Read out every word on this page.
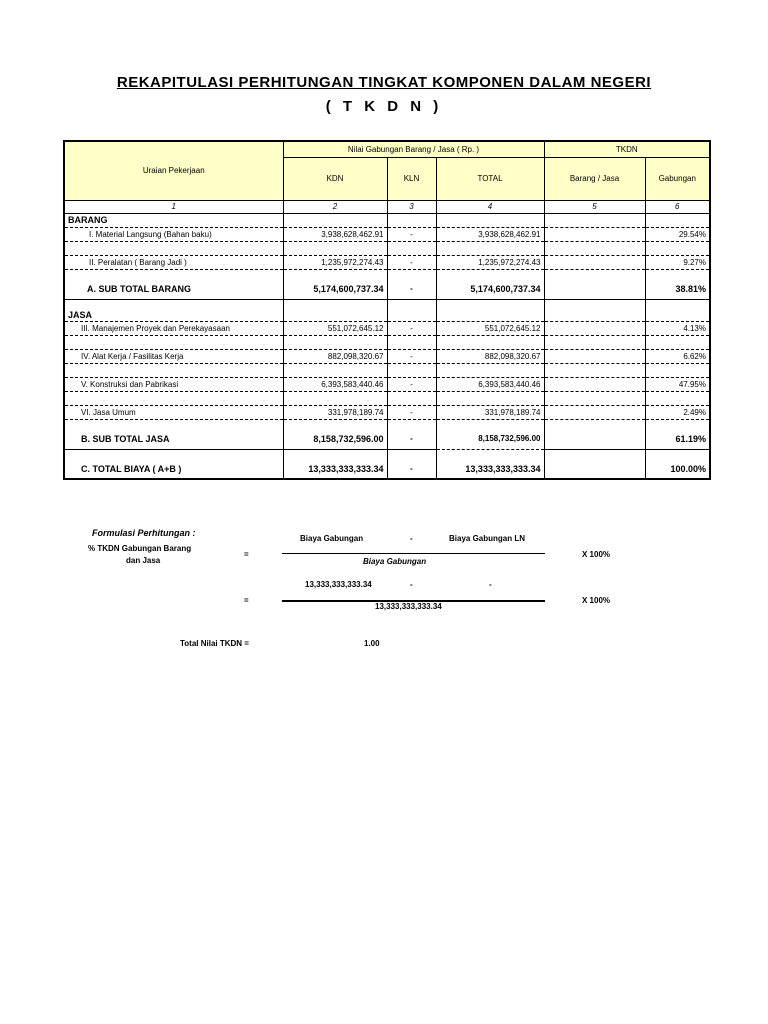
REKAPITULASI PERHITUNGAN TINGKAT KOMPONEN DALAM NEGERI
( T K D N )
Uraian Pekerjaan	Nilai Gabungan Barang / Jasa ( Rp. )			TKDN	
	KDN	KLN	TOTAL	Barang / Jasa	Gabungan
1	2	3	4	5	6
BARANG					
I. Material Langsung (Bahan baku)	3,938,628,462.91	-	3,938,628,462.91		29.54%

II. Peralatan ( Barang Jadi )	1,235,972,274.43	-	1,235,972,274.43		9.27%

A. SUB TOTAL BARANG	5,174,600,737.34	-	5,174,600,737.34		38.81%

JASA					
III. Manajemen Proyek dan Perekayasaan	551,072,645.12	-	551,072,645.12		4.13%

IV. Alat Kerja / Fasilitas Kerja	882,098,320.67	-	882,098,320.67		6.62%

V. Konstruksi dan Pabrikasi	6,393,583,440.46	-	6,393,583,440.46		47.95%

VI. Jasa Umum	331,978,189.74	-	331,978,189.74		2.49%

B. SUB TOTAL JASA	8,158,732,596.00	-	8,158,732,596.00		61.19%

C. TOTAL BIAYA ( A+B )	13,333,333,333.34	-	13,333,333,333.34		100.00%
Formulasi Perhitungan :
% TKDN Gabungan Barang
dan Jasa
=
Biaya Gabungan	-	Biaya Gabungan LN
Biaya Gabungan
X 100%
13,333,333,333.34	-	-
=
13,333,333,333.34
X 100%
Total Nilai TKDN =	1.00
